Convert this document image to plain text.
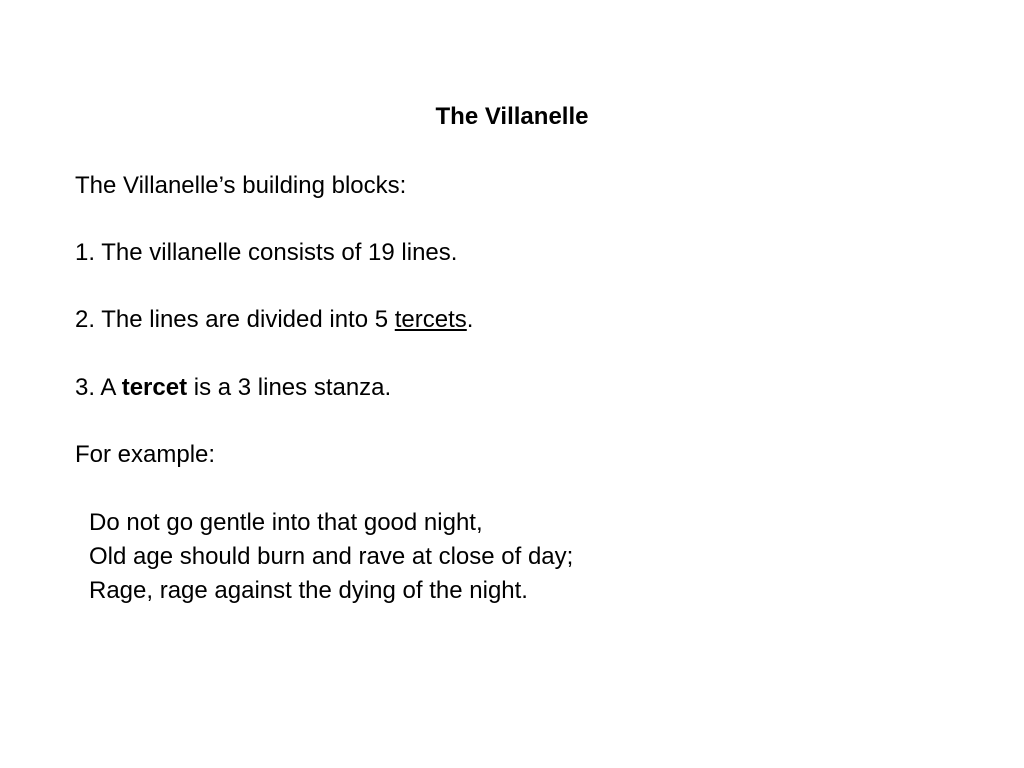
The Villanelle
The Villanelle’s building blocks:
1. The villanelle consists of 19 lines.
2. The lines are divided into 5 tercets.
3. A tercet is a 3 lines stanza.
For example:
Do not go gentle into that good night,
Old age should burn and rave at close of day;
Rage, rage against the dying of the night.
